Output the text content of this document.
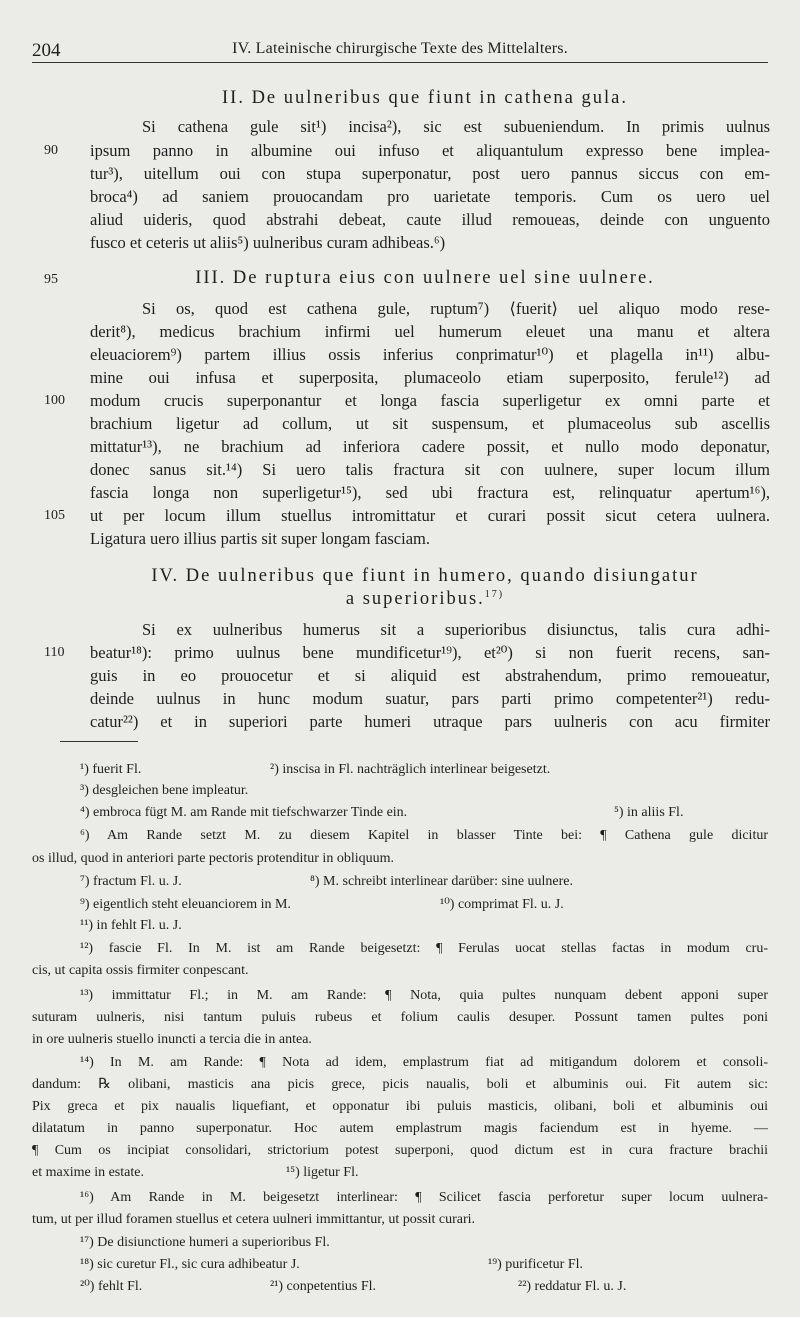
204	IV. Lateinische chirurgische Texte des Mittelalters.
II. De uulneribus que fiunt in cathena gula.
Si cathena gule sit¹) incisa²), sic est subueniendum. In primis uulnus
90 ipsum panno in albumine oui infuso et aliquantulum expresso bene implea-
tur³), uitellum oui con stupa superponatur, post uero pannus siccus con em-
broca⁴) ad saniem prouocandam pro uarietate temporis. Cum os uero uel
aliud uideris, quod abstrahi debeat, caute illud remoueas, deinde con unguento
fusco et ceteris ut aliis⁵) uulneribus curam adhibeas.⁶)
95	III. De ruptura eius con uulnere uel sine uulnere.
Si os, quod est cathena gule, ruptum⁷) ⟨fuerit⟩ uel aliquo modo rese-
derit⁸), medicus brachium infirmi uel humerum eleuet una manu et altera
eleuaciorem⁹) partem illius ossis inferius conprimatur¹⁰) et plagella in¹¹) albu-
mine oui infusa et superposita, plumaceolo etiam superposito, ferule¹²) ad
100 modum crucis superponantur et longa fascia superligetur ex omni parte et
brachium ligetur ad collum, ut sit suspensum, et plumaceolus sub ascellis
mittatur¹³), ne brachium ad inferiora cadere possit, et nullo modo deponatur,
donec sanus sit.¹⁴) Si uero talis fractura sit con uulnere, super locum illum
fascia longa non superligetur¹⁵), sed ubi fractura est, relinquatur apertum¹⁶),
105 ut per locum illum stuellus intromittatur et curari possit sicut cetera uulnera.
Ligatura uero illius partis sit super longam fasciam.
IV. De uulneribus que fiunt in humero, quando disiungatur
a superioribus.$^{17)}$
Si ex uulneribus humerus sit a superioribus disiunctus, talis cura adhi-
110 beatur¹⁸): primo uulnus bene mundificetur¹⁹), et²⁰) si non fuerit recens, san-
guis in eo prouocetur et si aliquid est abstrahendum, primo remoueatur,
deinde uulnus in hunc modum suatur, pars parti primo competenter²¹) redu-
catur²²) et in superiori parte humeri utraque pars uulneris con acu firmiter
¹) fuerit Fl.	²) inscisa in Fl. nachträglich interlinear beigesetzt.
³) desgleichen bene impleatur.
⁴) embroca fügt M. am Rande mit tiefschwarzer Tinde ein.	⁵) in aliis Fl.
⁶) Am Rande setzt M. zu diesem Kapitel in blasser Tinte bei: ¶ Cathena gule dicitur
os illud, quod in anteriori parte pectoris protenditur in obliquum.
⁷) fractum Fl. u. J.	⁸) M. schreibt interlinear darüber: sine uulnere.
⁹) eigentlich steht eleuanciorem in M.	¹⁰) comprimat Fl. u. J.
¹¹) in fehlt Fl. u. J.
¹²) fascie Fl. In M. ist am Rande beigesetzt: ¶ Ferulas uocat stellas factas in modum cru-
cis, ut capita ossis firmiter conpescant.
¹³) immittatur Fl.; in M. am Rande: ¶ Nota, quia pultes nunquam debent apponi super
suturam uulneris, nisi tantum puluis rubeus et folium caulis desuper. Possunt tamen pultes poni
in ore uulneris stuello inuncti a tercia die in antea.
¹⁴) In M. am Rande: ¶ Nota ad idem, emplastrum fiat ad mitigandum dolorem et consoli-
dandum: ℞ olibani, masticis ana picis grece, picis naualis, boli et albuminis oui. Fit autem sic:
Pix greca et pix naualis liquefiant, et opponatur ibi puluis masticis, olibani, boli et albuminis oui
dilatatum in panno superponatur. Hoc autem emplastrum magis faciendum est in hyeme. —
¶ Cum os incipiat consolidari, strictorium potest superponi, quod dictum est in cura fracture brachii
et maxime in estate.	¹⁵) ligetur Fl.
¹⁶) Am Rande in M. beigesetzt interlinear: ¶ Scilicet fascia perforetur super locum uulnera-
tum, ut per illud foramen stuellus et cetera uulneri immittantur, ut possit curari.
¹⁷) De disiunctione humeri a superioribus Fl.
¹⁸) sic curetur Fl., sic cura adhibeatur J.	¹⁹) purificetur Fl.
²⁰) fehlt Fl.	²¹) conpetentius Fl.	²²) reddatur Fl. u. J.
